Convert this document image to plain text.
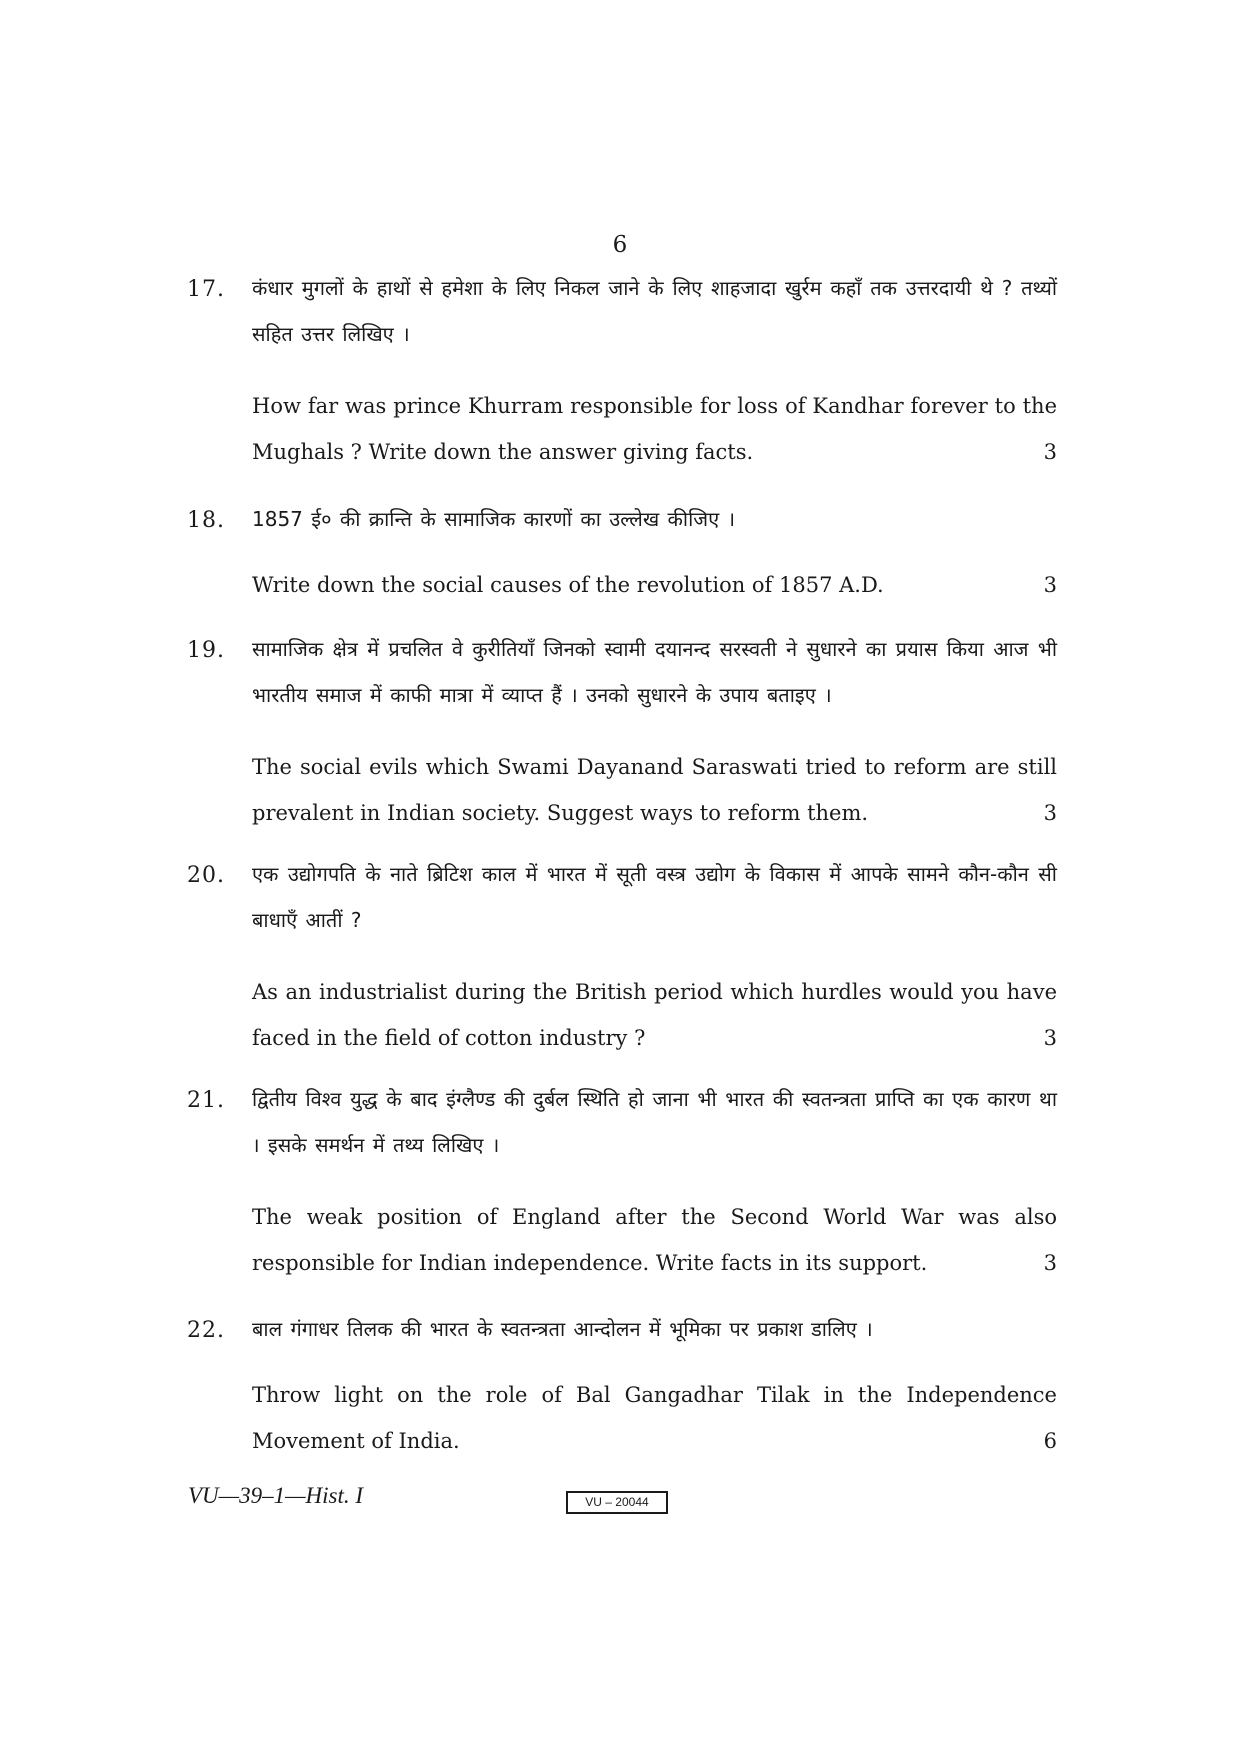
6
17. कंधार मुगलों के हाथों से हमेशा के लिए निकल जाने के लिए शाहजादा खुर्रम कहाँ तक उत्तरदायी थे ? तथ्यों सहित उत्तर लिखिए ।
How far was prince Khurram responsible for loss of Kandhar forever to the Mughals ? Write down the answer giving facts.	3
18. 1857 ई० की क्रान्ति के सामाजिक कारणों का उल्लेख कीजिए ।
Write down the social causes of the revolution of 1857 A.D.	3
19. सामाजिक क्षेत्र में प्रचलित वे कुरीतियाँ जिनको स्वामी दयानन्द सरस्वती ने सुधारने का प्रयास किया आज भी भारतीय समाज में काफी मात्रा में व्याप्त हैं । उनको सुधारने के उपाय बताइए ।
The social evils which Swami Dayanand Saraswati tried to reform are still prevalent in Indian society. Suggest ways to reform them.	3
20. एक उद्योगपति के नाते ब्रिटिश काल में भारत में सूती वस्त्र उद्योग के विकास में आपके सामने कौन-कौन सी बाधाएँ आतीं ?
As an industrialist during the British period which hurdles would you have faced in the field of cotton industry ?	3
21. द्वितीय विश्व युद्ध के बाद इंग्लैण्ड की दुर्बल स्थिति हो जाना भी भारत की स्वतन्त्रता प्राप्ति का एक कारण था । इसके समर्थन में तथ्य लिखिए ।
The weak position of England after the Second World War was also responsible for Indian independence. Write facts in its support.	3
22. बाल गंगाधर तिलक की भारत के स्वतन्त्रता आन्दोलन में भूमिका पर प्रकाश डालिए ।
Throw light on the role of Bal Gangadhar Tilak in the Independence Movement of India.	6
VU—39–1—Hist. I	VU – 20044
